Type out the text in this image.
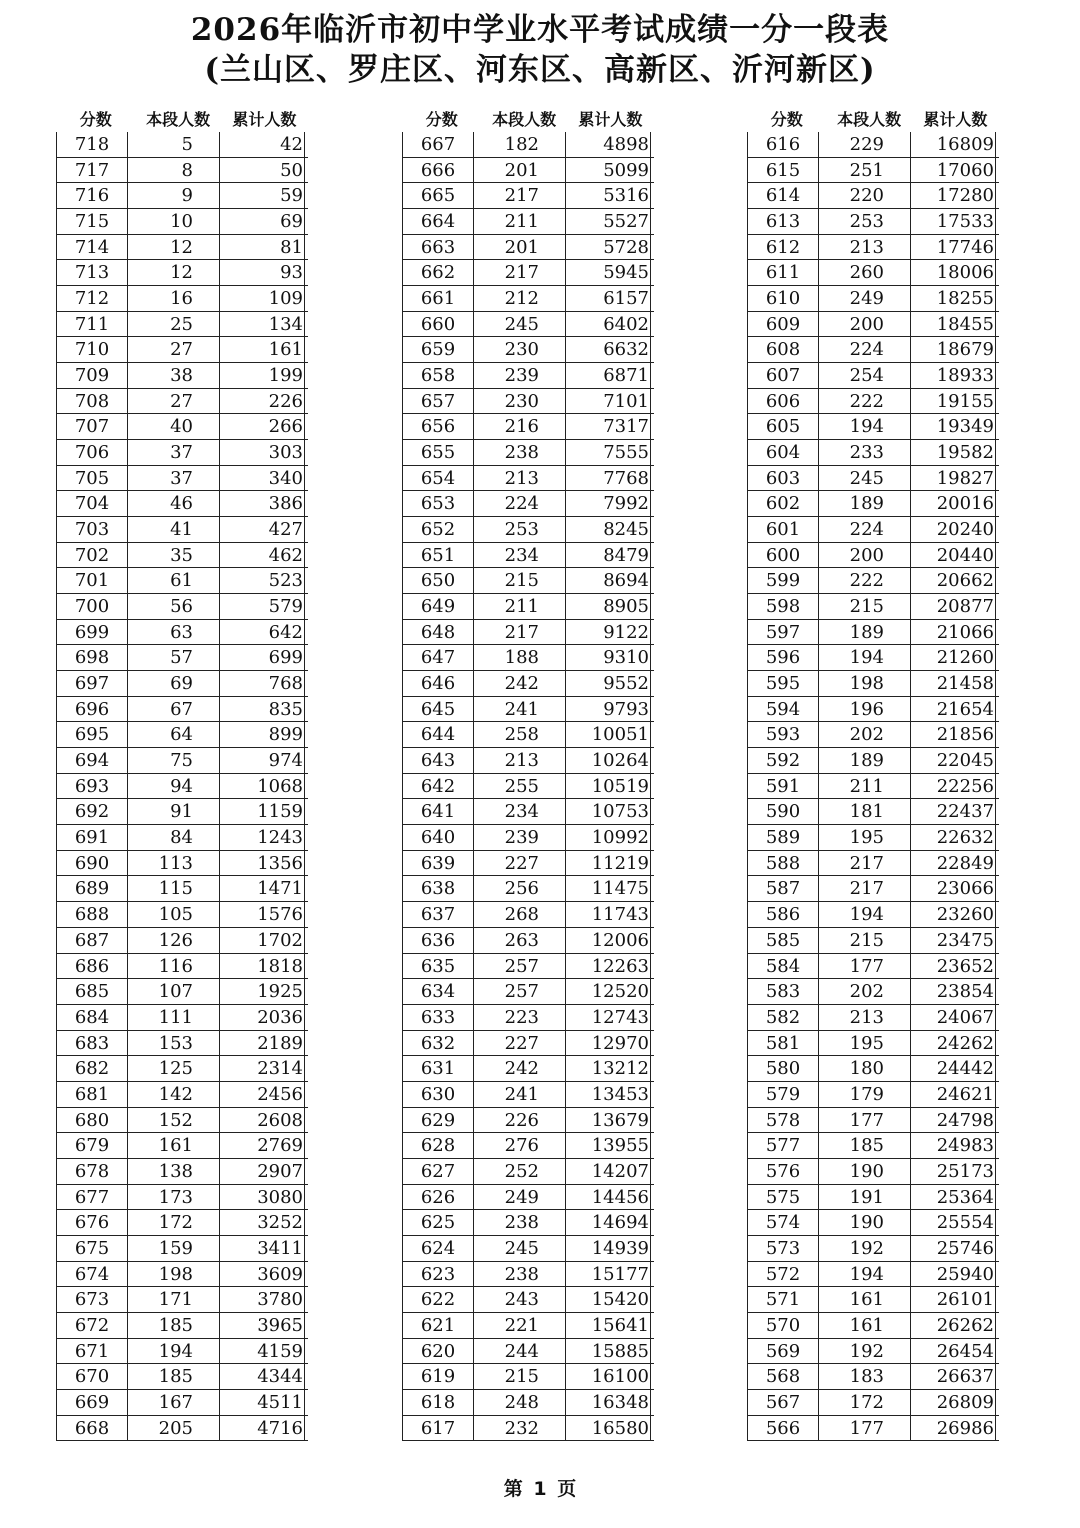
2026年临沂市初中学业水平考试成绩一分一段表
(兰山区、罗庄区、河东区、高新区、沂河新区)
分数	本段人数	累计人数
718	5	42
717	8	50
716	9	59
715	10	69
714	12	81
713	12	93
712	16	109
711	25	134
710	27	161
709	38	199
708	27	226
707	40	266
706	37	303
705	37	340
704	46	386
703	41	427
702	35	462
701	61	523
700	56	579
699	63	642
698	57	699
697	69	768
696	67	835
695	64	899
694	75	974
693	94	1068
692	91	1159
691	84	1243
690	113	1356
689	115	1471
688	105	1576
687	126	1702
686	116	1818
685	107	1925
684	111	2036
683	153	2189
682	125	2314
681	142	2456
680	152	2608
679	161	2769
678	138	2907
677	173	3080
676	172	3252
675	159	3411
674	198	3609
673	171	3780
672	185	3965
671	194	4159
670	185	4344
669	167	4511
668	205	4716
分数	本段人数	累计人数
667	182	4898
666	201	5099
665	217	5316
664	211	5527
663	201	5728
662	217	5945
661	212	6157
660	245	6402
659	230	6632
658	239	6871
657	230	7101
656	216	7317
655	238	7555
654	213	7768
653	224	7992
652	253	8245
651	234	8479
650	215	8694
649	211	8905
648	217	9122
647	188	9310
646	242	9552
645	241	9793
644	258	10051
643	213	10264
642	255	10519
641	234	10753
640	239	10992
639	227	11219
638	256	11475
637	268	11743
636	263	12006
635	257	12263
634	257	12520
633	223	12743
632	227	12970
631	242	13212
630	241	13453
629	226	13679
628	276	13955
627	252	14207
626	249	14456
625	238	14694
624	245	14939
623	238	15177
622	243	15420
621	221	15641
620	244	15885
619	215	16100
618	248	16348
617	232	16580
分数	本段人数	累计人数
616	229	16809
615	251	17060
614	220	17280
613	253	17533
612	213	17746
611	260	18006
610	249	18255
609	200	18455
608	224	18679
607	254	18933
606	222	19155
605	194	19349
604	233	19582
603	245	19827
602	189	20016
601	224	20240
600	200	20440
599	222	20662
598	215	20877
597	189	21066
596	194	21260
595	198	21458
594	196	21654
593	202	21856
592	189	22045
591	211	22256
590	181	22437
589	195	22632
588	217	22849
587	217	23066
586	194	23260
585	215	23475
584	177	23652
583	202	23854
582	213	24067
581	195	24262
580	180	24442
579	179	24621
578	177	24798
577	185	24983
576	190	25173
575	191	25364
574	190	25554
573	192	25746
572	194	25940
571	161	26101
570	161	26262
569	192	26454
568	183	26637
567	172	26809
566	177	26986
第 1 页
